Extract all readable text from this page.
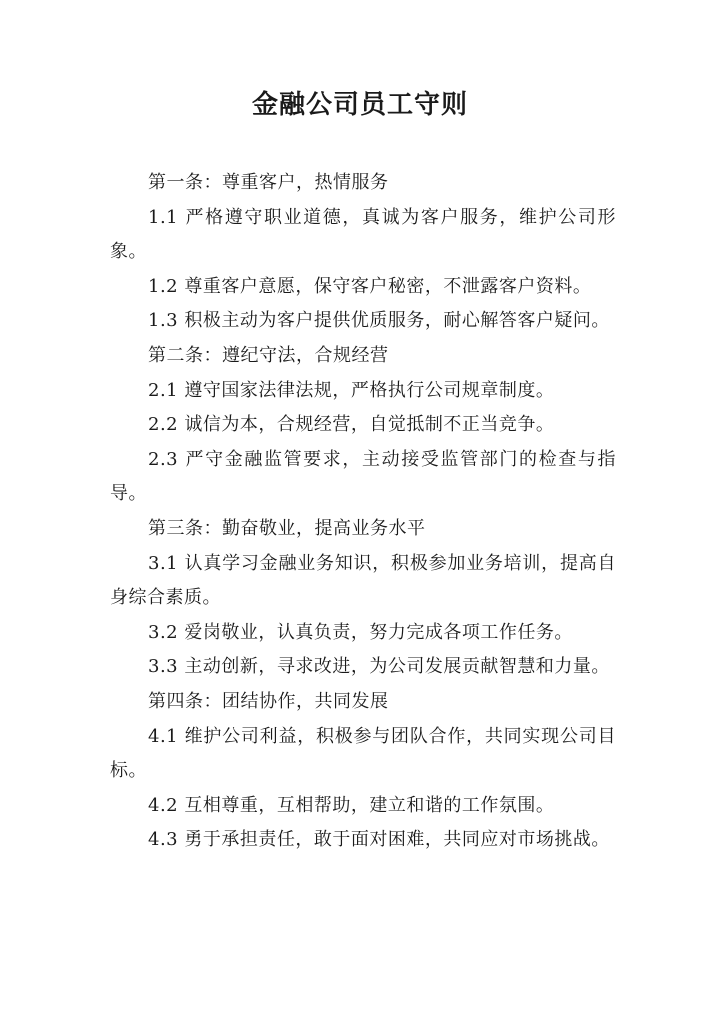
金融公司员工守则

第一条：尊重客户，热情服务

1.1 严格遵守职业道德，真诚为客户服务，维护公司形象。

1.2 尊重客户意愿，保守客户秘密，不泄露客户资料。

1.3 积极主动为客户提供优质服务，耐心解答客户疑问。

第二条：遵纪守法，合规经营

2.1 遵守国家法律法规，严格执行公司规章制度。

2.2 诚信为本，合规经营，自觉抵制不正当竞争。

2.3 严守金融监管要求，主动接受监管部门的检查与指导。

第三条：勤奋敬业，提高业务水平

3.1 认真学习金融业务知识，积极参加业务培训，提高自身综合素质。

3.2 爱岗敬业，认真负责，努力完成各项工作任务。

3.3 主动创新，寻求改进，为公司发展贡献智慧和力量。

第四条：团结协作，共同发展

4.1 维护公司利益，积极参与团队合作，共同实现公司目标。

4.2 互相尊重，互相帮助，建立和谐的工作氛围。

4.3 勇于承担责任，敢于面对困难，共同应对市场挑战。
